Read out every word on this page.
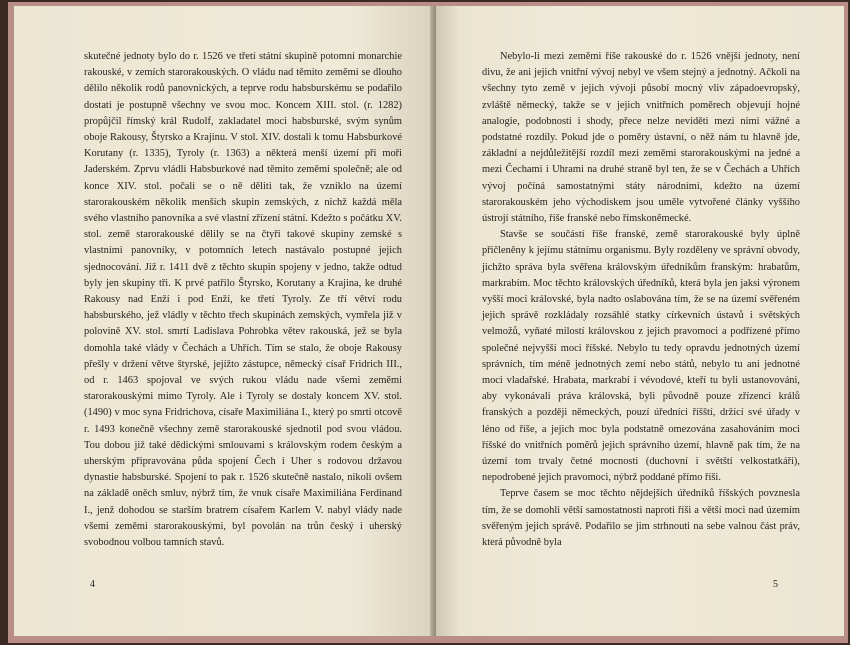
skutečné jednoty bylo do r. 1526 ve třetí státní skupině potomní monarchie rakouské, v zemích starorakouských. O vládu nad těmito zeměmi se dlouho dělilo několik rodů panovnických, a teprve rodu habsburskému se podařilo dostati je postupně všechny ve svou moc. Koncem XIII. stol. (r. 1282) propůjčil římský král Rudolf, zakladatel moci habsburské, svým synům oboje Rakousy, Štyrsko a Krajinu. V stol. XIV. dostali k tomu Habsburkové Korutany (r. 1335), Tyroly (r. 1363) a některá menší území při moři Jaderském. Zprvu vládli Habsburkové nad těmito zeměmi společně; ale od konce XIV. stol. počali se o ně děliti tak, že vzniklo na území starorakouském několik menších skupin zemských, z nichž každá měla svého vlastního panovníka a své vlastní zřízení státní. Kdežto s počátku XV. stol. země starorakouské dělily se na čtyři takové skupiny zemské s vlastními panovníky, v potomních letech nastávalo postupné jejich sjednocování. Již r. 1411 dvě z těchto skupin spojeny v jedno, takže odtud byly jen skupiny tři. K prvé patřilo Štyrsko, Korutany a Krajina, ke druhé Rakousy nad Enží i pod Enží, ke třetí Tyroly. Ze tří větví rodu habsburského, jež vládly v těchto třech skupinách zemských, vymřela již v polovině XV. stol. smrtí Ladislava Pohrobka větev rakouská, jež se byla domohla také vlády v Čechách a Uhřích. Tím se stalo, že oboje Rakousy přešly v držení větve štyrské, jejížto zástupce, německý císař Fridrich III., od r. 1463 spojoval ve svých rukou vládu nade všemi zeměmi starorakouskými mimo Tyroly. Ale i Tyroly se dostaly koncem XV. stol. (1490) v moc syna Fridrichova, císaře Maximiliána I., který po smrti otcově r. 1493 konečně všechny země starorakouské sjednotil pod svou vládou. Tou dobou již také dědickými smlouvami s královským rodem českým a uherským připravována půda spojení Čech i Uher s rodovou državou dynastie habsburské. Spojení to pak r. 1526 skutečně nastalo, nikoli ovšem na základě oněch smluv, nýbrž tím, že vnuk císaře Maximiliána Ferdinand I., jenž dohodou se starším bratrem císařem Karlem V. nabyl vlády nade všemi zeměmi starorakouskými, byl povolán na trůn český i uherský svobodnou volbou tamních stavů.

4

Nebylo-li mezi zeměmi říše rakouské do r. 1526 vnější jednoty, není divu, že ani jejich vnitřní vývoj nebyl ve všem stejný a jednotný. Ačkoli na všechny tyto země v jejich vývoji působí mocný vliv západoevropský, zvláště německý, takže se v jejich vnitřních poměrech objevují hojné analogie, podobnosti i shody, přece nelze neviděti mezi nimi vážné a podstatné rozdíly. Pokud jde o poměry ústavní, o něž nám tu hlavně jde, základní a nejdůležitější rozdíl mezi zeměmi starorakouskými na jedné a mezi Čechami i Uhrami na druhé straně byl ten, že se v Čechách a Uhřích vývoj počíná samostatnými státy národními, kdežto na území starorakouském jeho východiskem jsou uměle vytvořené články vyššího ústrojí státního, říše franské nebo římskoněmecké.

Stavše se součástí říše franské, země starorakouské byly úplně přičleněny k jejímu státnímu organismu. Byly rozděleny ve správní obvody, jichžto správa byla svěřena královským úředníkům franským: hrabatům, markrabím. Moc těchto královských úředníků, která byla jen jaksi výronem vyšší moci královské, byla nadto oslabována tím, že se na území svěřeném jejich správě rozkládaly rozsáhlé statky církevních ústavů i světských velmožů, vyňaté milostí královskou z jejich pravomoci a podřízené přímo společné nejvyšší moci říšské. Nebylo tu tedy opravdu jednotných území správních, tím méně jednotných zemí nebo států, nebylo tu ani jednotné moci vladařské. Hrabata, markrabí i vévodové, kteří tu byli ustanovováni, aby vykonávali práva královská, byli původně pouze zřízenci králů franských a později německých, pouzí úředníci říšští, držící své úřady v léno od říše, a jejich moc byla podstatně omezována zasahováním moci říšské do vnitřních poměrů jejich správního území, hlavně pak tím, že na území tom trvaly četné mocnosti (duchovní i světští velkostatkáři), nepodrobené jejich pravomoci, nýbrž poddané přímo říši.

Teprve časem se moc těchto nějdejších úředníků říšských povznesla tím, že se domohli větší samostatnosti naproti říši a větší moci nad územím svěřeným jejich správě. Podařilo se jim strhnouti na sebe valnou část práv, která původně byla

5
